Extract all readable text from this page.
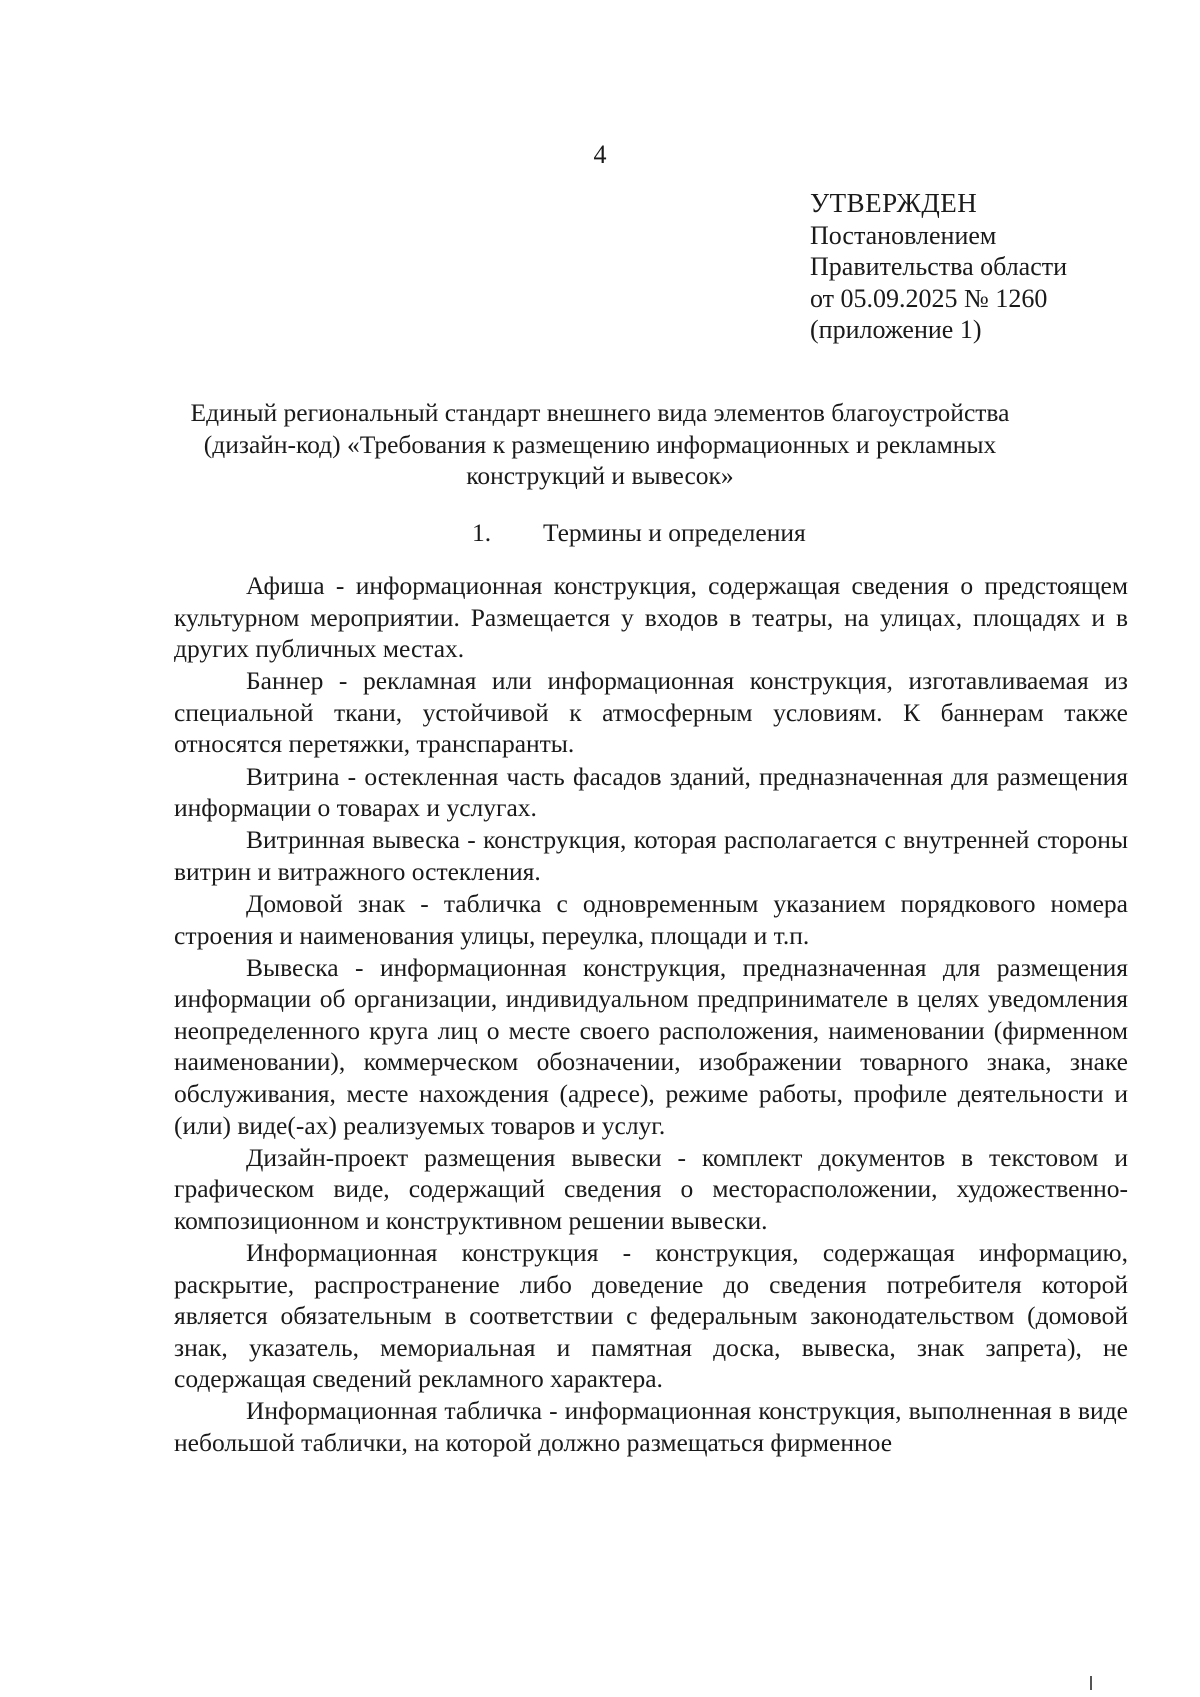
4
УТВЕРЖДЕН
Постановлением
Правительства области
от 05.09.2025 № 1260
(приложение 1)
Единый региональный стандарт внешнего вида элементов благоустройства
(дизайн-код) «Требования к размещению информационных и рекламных
конструкций и вывесок»
1. Термины и определения

Афиша - информационная конструкция, содержащая сведения о предстоящем культурном мероприятии. Размещается у входов в театры, на улицах, площадях и в других публичных местах.

Баннер - рекламная или информационная конструкция, изготавливаемая из специальной ткани, устойчивой к атмосферным условиям. К баннерам также относятся перетяжки, транспаранты.

Витрина - остекленная часть фасадов зданий, предназначенная для размещения информации о товарах и услугах.

Витринная вывеска - конструкция, которая располагается с внутренней стороны витрин и витражного остекления.

Домовой знак - табличка с одновременным указанием порядкового номера строения и наименования улицы, переулка, площади и т.п.

Вывеска - информационная конструкция, предназначенная для размещения информации об организации, индивидуальном предпринимателе в целях уведомления неопределенного круга лиц о месте своего расположения, наименовании (фирменном наименовании), коммерческом обозначении, изображении товарного знака, знаке обслуживания, месте нахождения (адресе), режиме работы, профиле деятельности и (или) виде(-ах) реализуемых товаров и услуг.

Дизайн-проект размещения вывески - комплект документов в текстовом и графическом виде, содержащий сведения о месторасположении, художественно-композиционном и конструктивном решении вывески.

Информационная конструкция - конструкция, содержащая информацию, раскрытие, распространение либо доведение до сведения потребителя которой является обязательным в соответствии с федеральным законодательством (домовой знак, указатель, мемориальная и памятная доска, вывеска, знак запрета), не содержащая сведений рекламного характера.

Информационная табличка - информационная конструкция, выполненная в виде небольшой таблички, на которой должно размещаться фирменное
